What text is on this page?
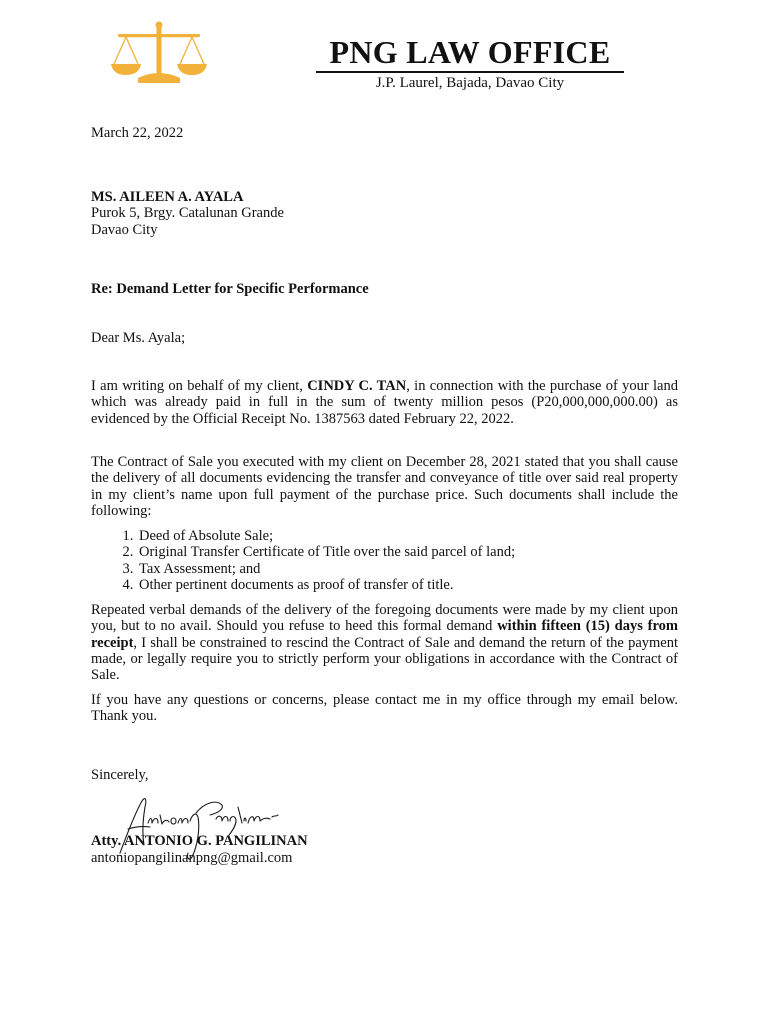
PNG LAW OFFICE
J.P. Laurel, Bajada, Davao City
March 22, 2022
MS. AILEEN A. AYALA
Purok 5, Brgy. Catalunan Grande
Davao City
Re: Demand Letter for Specific Performance
Dear Ms. Ayala;
I am writing on behalf of my client, CINDY C. TAN, in connection with the purchase of your land which was already paid in full in the sum of twenty million pesos (P20,000,000,000.00) as evidenced by the Official Receipt No. 1387563 dated February 22, 2022.
The Contract of Sale you executed with my client on December 28, 2021 stated that you shall cause the delivery of all documents evidencing the transfer and conveyance of title over said real property in my client’s name upon full payment of the purchase price. Such documents shall include the following:
1. Deed of Absolute Sale;
2. Original Transfer Certificate of Title over the said parcel of land;
3. Tax Assessment; and
4. Other pertinent documents as proof of transfer of title.
Repeated verbal demands of the delivery of the foregoing documents were made by my client upon you, but to no avail. Should you refuse to heed this formal demand within fifteen (15) days from receipt, I shall be constrained to rescind the Contract of Sale and demand the return of the payment made, or legally require you to strictly perform your obligations in accordance with the Contract of Sale.
If you have any questions or concerns, please contact me in my office through my email below. Thank you.
Sincerely,
Atty. ANTONIO G. PANGILINAN
antoniopangilinanpng@gmail.com
